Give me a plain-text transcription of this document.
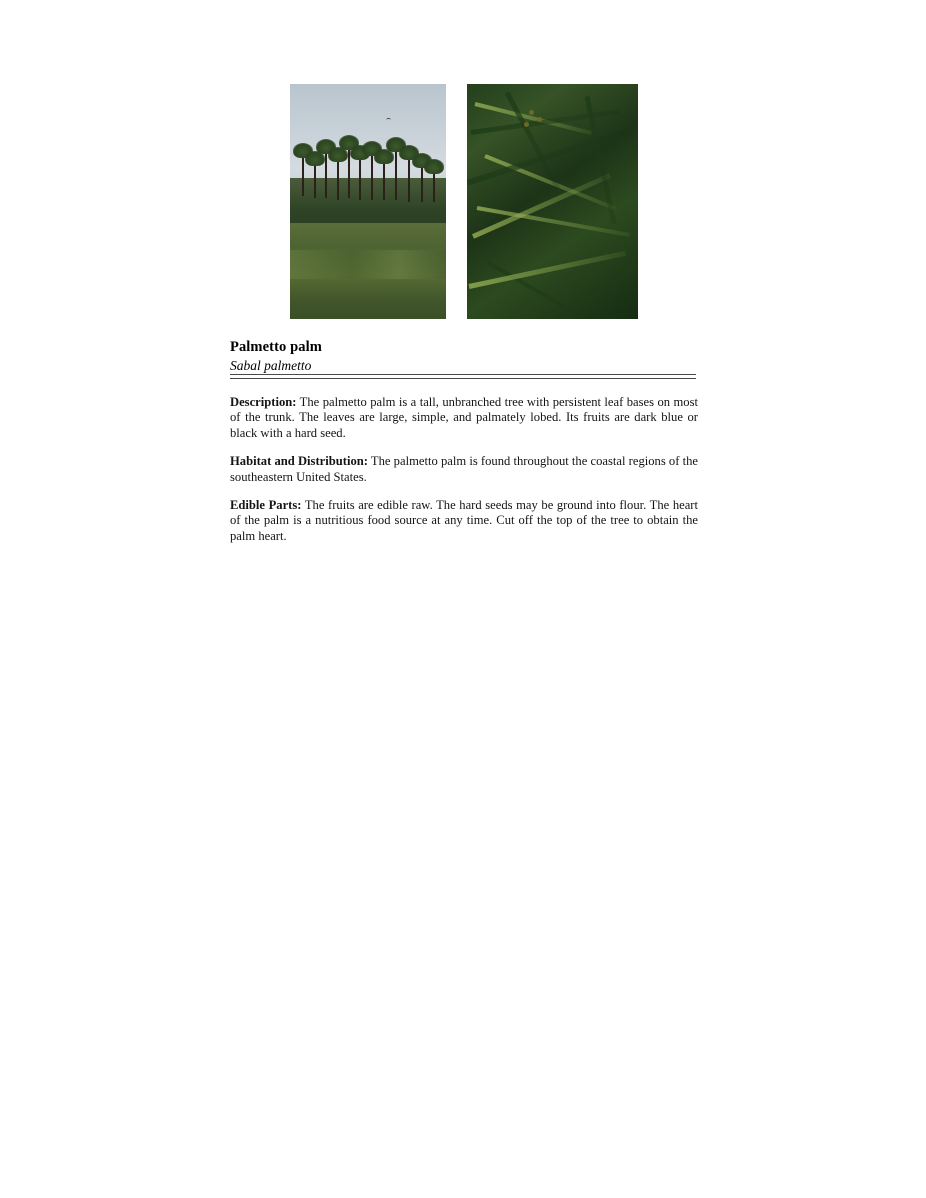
Palmetto palm
Sabal palmetto

Description: The palmetto palm is a tall, unbranched tree with persistent leaf bases on most of the trunk. The leaves are large, simple, and palmately lobed. Its fruits are dark blue or black with a hard seed.

Habitat and Distribution: The palmetto palm is found throughout the coastal regions of the southeastern United States.

Edible Parts: The fruits are edible raw. The hard seeds may be ground into flour. The heart of the palm is a nutritious food source at any time. Cut off the top of the tree to obtain the palm heart.
